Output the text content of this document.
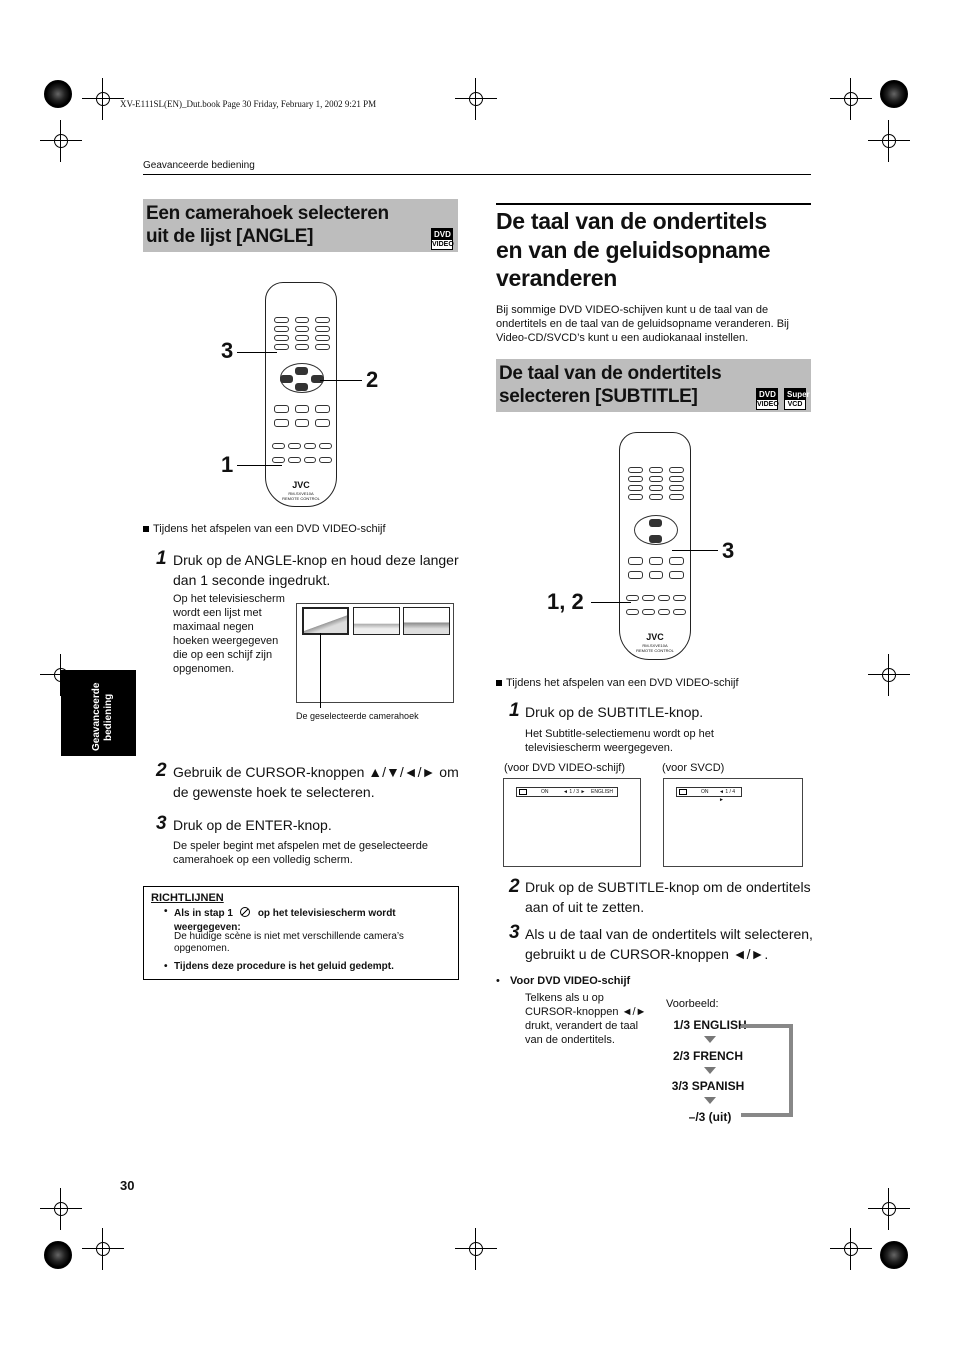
XV-E111SL(EN)_Dut.book Page 30 Friday, February 1, 2002 9:21 PM
Geavanceerde bediening
Geavanceerde bediening
Een camerahoek selecteren
uit de lijst [ANGLE]	DVD
VIDEO
JVC
RM-SXVE10A
REMOTE CONTROL
3
2
1
Tijdens het afspelen van een DVD VIDEO-schijf
1 Druk op de ANGLE-knop en houd deze langer dan 1 seconde ingedrukt.
Op het televisiescherm wordt een lijst met maximaal negen hoeken weergegeven die op een schijf zijn opgenomen.
De geselecteerde camerahoek
2 Gebruik de CURSOR-knoppen ▲/▼/◄/► om de gewenste hoek te selecteren.
3 Druk op de ENTER-knop.
De speler begint met afspelen met de geselecteerde camerahoek op een volledig scherm.
RICHTLIJNEN
• Als in stap 1 op het televisiescherm wordt weergegeven:
De huidige scène is niet met verschillende camera’s opgenomen.
• Tijdens deze procedure is het geluid gedempt.
De taal van de ondertitels
en van de geluidsopname
veranderen
Bij sommige DVD VIDEO-schijven kunt u de taal van de ondertitels en de taal van de geluidsopname veranderen. Bij Video-CD/SVCD’s kunt u een audiokanaal instellen.
De taal van de ondertitels
selecteren [SUBTITLE]	DVD
VIDEO
Super
VCD
JVC
RM-SXVE10A
REMOTE CONTROL
3
1, 2
Tijdens het afspelen van een DVD VIDEO-schijf
1 Druk op de SUBTITLE-knop.
Het Subtitle-selectiemenu wordt op het televisiescherm weergegeven.
(voor DVD VIDEO-schijf)	(voor SVCD)
ON	◄ 1 / 3 ► ENGLISH	ON ◄ 1 / 4 ►
2 Druk op de SUBTITLE-knop om de ondertitels aan of uit te zetten.
3 Als u de taal van de ondertitels wilt selecteren, gebruikt u de CURSOR-knoppen ◄/►.
• Voor DVD VIDEO-schijf
Telkens als u op CURSOR-knoppen ◄/► drukt, verandert de taal van de ondertitels.
Voorbeeld:
1/3 ENGLISH
2/3 FRENCH
3/3 SPANISH
–/3 (uit)
30
